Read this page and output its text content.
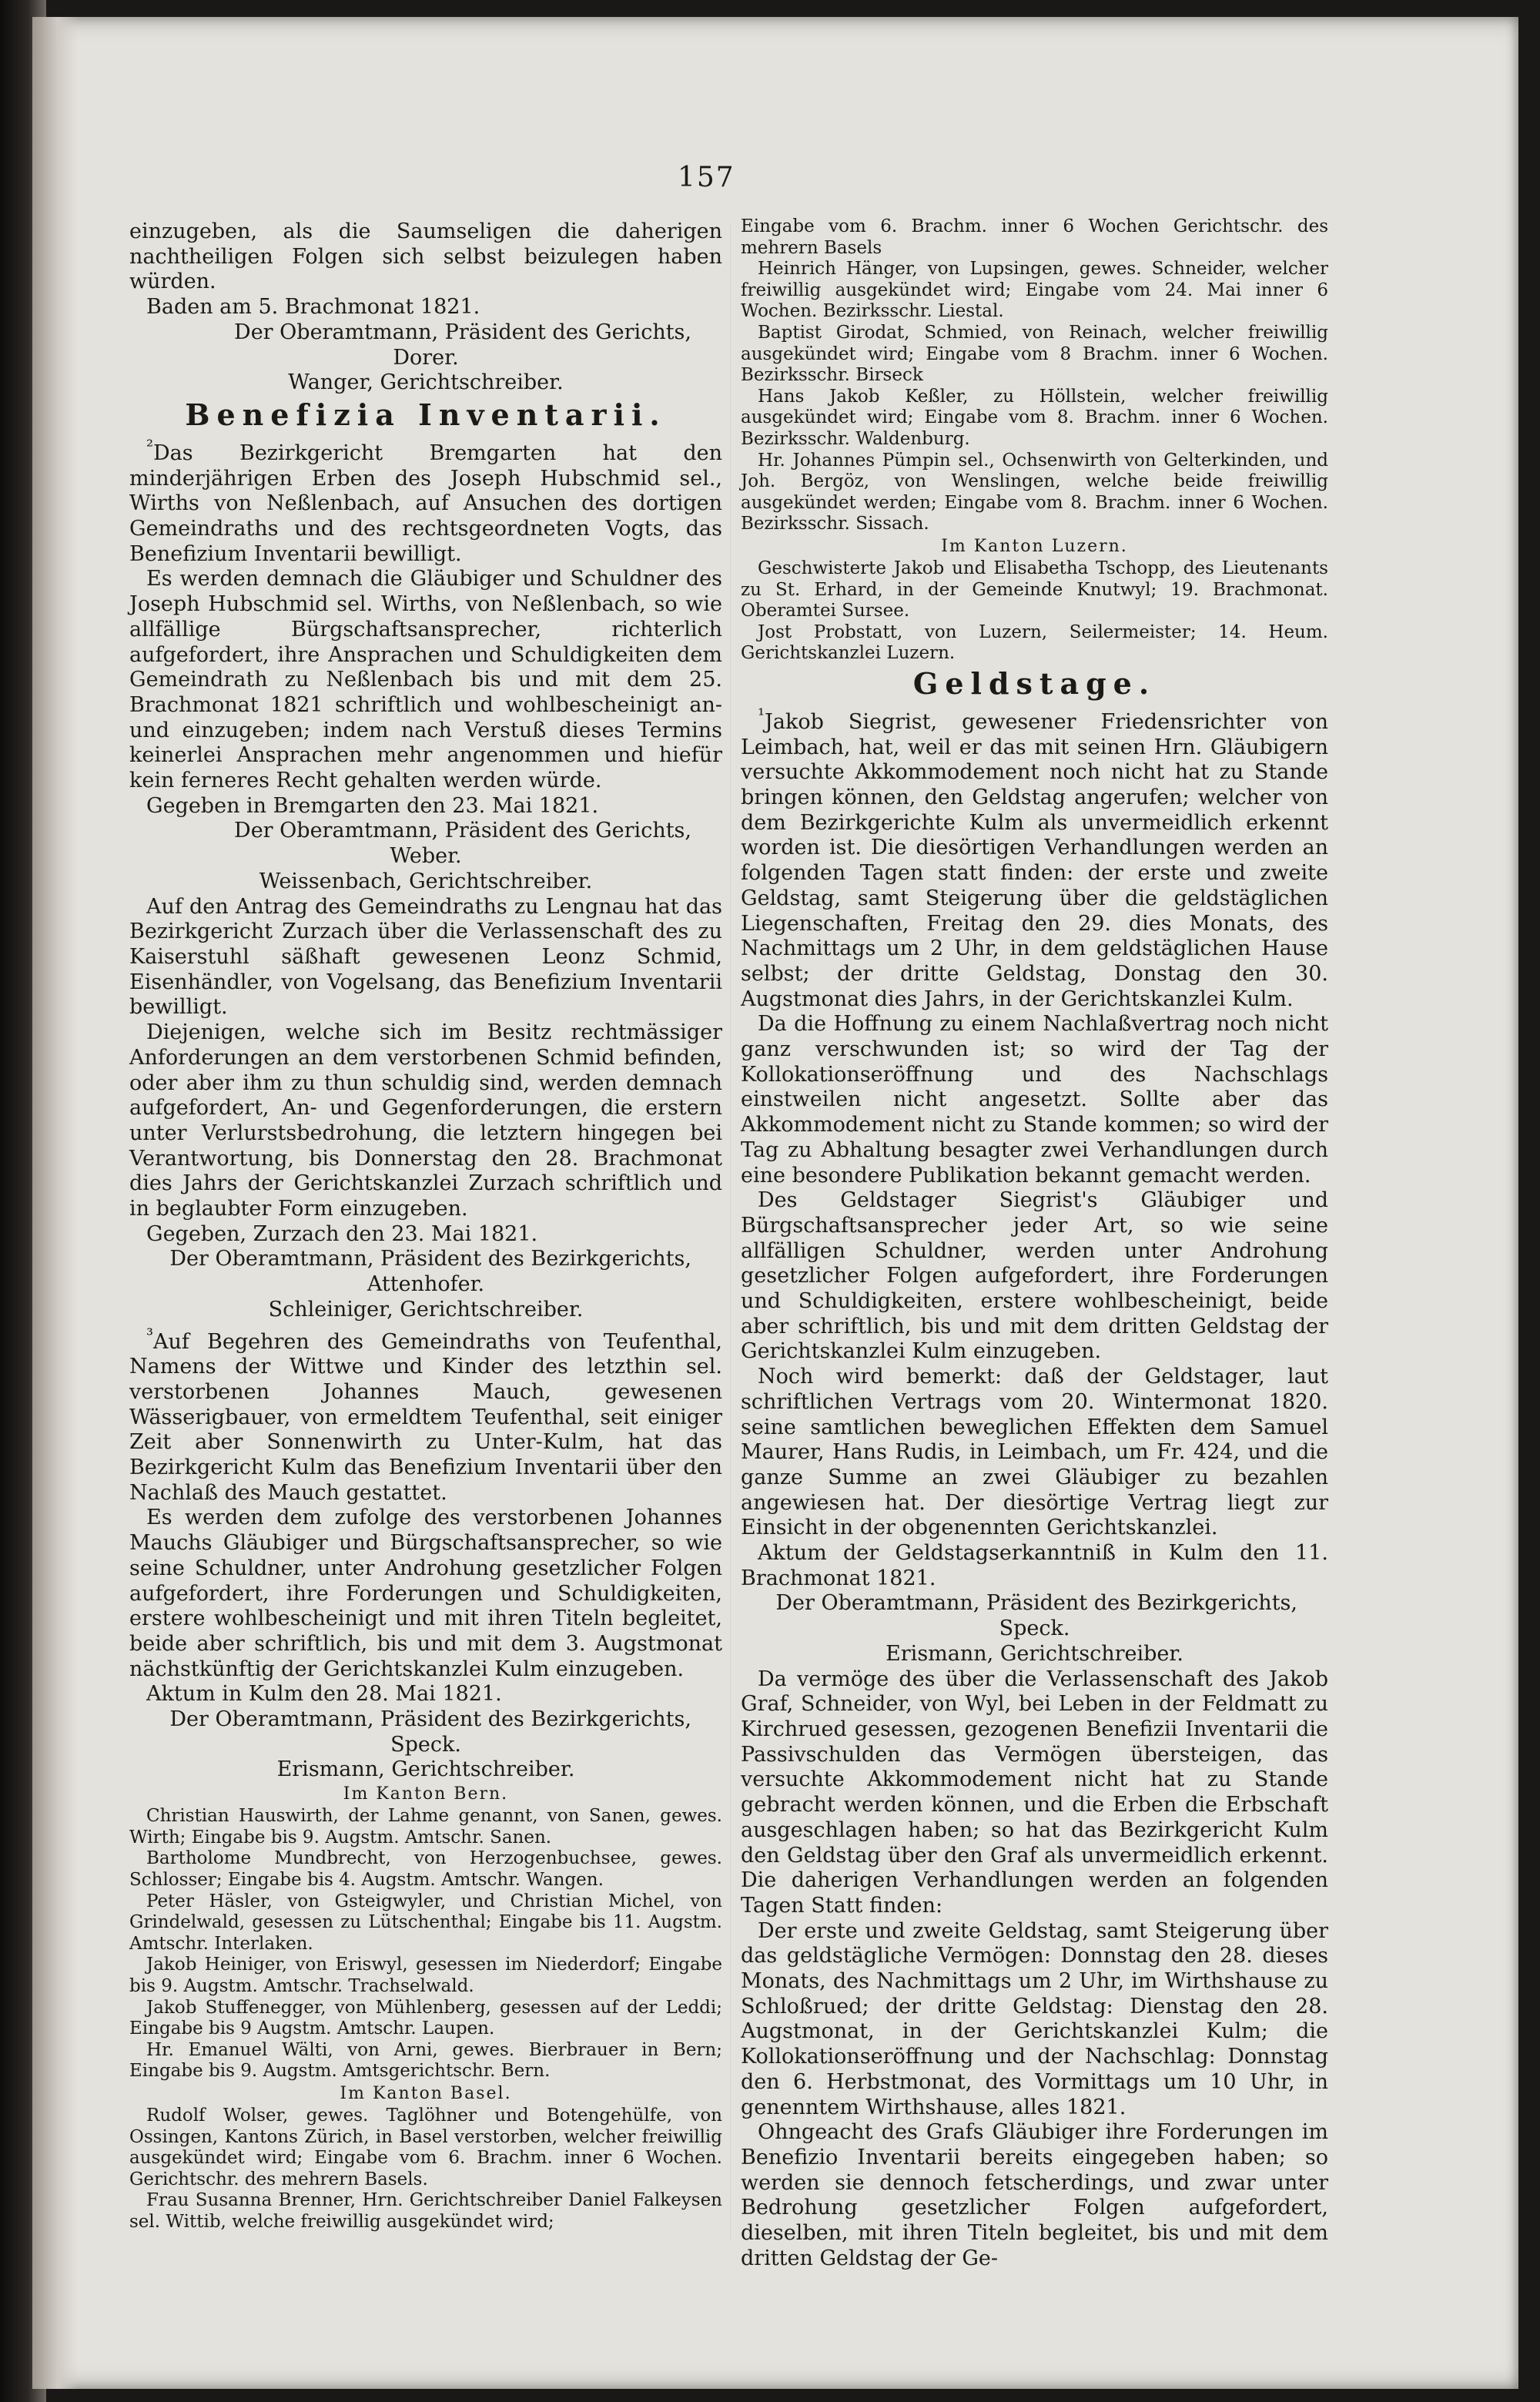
157

einzugeben, als die Saumseligen die daherigen nachtheiligen Folgen sich selbst beizulegen haben würden.

Baden am 5. Brachmonat 1821.

Der Oberamtmann, Präsident des Gerichts,

Dorer.

Wanger, Gerichtschreiber.

Benefizia Inventarii.

$^{^2}$Das Bezirkgericht Bremgarten hat den minderjährigen Erben des Joseph Hubschmid sel., Wirths von Neßlenbach, auf Ansuchen des dortigen Gemeindraths und des rechtsgeordneten Vogts, das Benefizium Inventarii bewilligt.

Es werden demnach die Gläubiger und Schuldner des Joseph Hubschmid sel. Wirths, von Neßlenbach, so wie allfällige Bürgschaftsansprecher, richterlich aufgefordert, ihre Ansprachen und Schuldigkeiten dem Gemeindrath zu Neßlenbach bis und mit dem 25. Brachmonat 1821 schriftlich und wohlbescheinigt an- und einzugeben; indem nach Verstuß dieses Termins keinerlei Ansprachen mehr angenommen und hiefür kein ferneres Recht gehalten werden würde.

Gegeben in Bremgarten den 23. Mai 1821.

Der Oberamtmann, Präsident des Gerichts,

Weber.

Weissenbach, Gerichtschreiber.

Auf den Antrag des Gemeindraths zu Lengnau hat das Bezirkgericht Zurzach über die Verlassenschaft des zu Kaiserstuhl säßhaft gewesenen Leonz Schmid, Eisenhändler, von Vogelsang, das Benefizium Inventarii bewilligt.

Diejenigen, welche sich im Besitz rechtmässiger Anforderungen an dem verstorbenen Schmid befinden, oder aber ihm zu thun schuldig sind, werden demnach aufgefordert, An- und Gegenforderungen, die erstern unter Verlurstsbedrohung, die letztern hingegen bei Verantwortung, bis Donnerstag den 28. Brachmonat dies Jahrs der Gerichtskanzlei Zurzach schriftlich und in beglaubter Form einzugeben.

Gegeben, Zurzach den 23. Mai 1821.

Der Oberamtmann, Präsident des Bezirkgerichts,

Attenhofer.

Schleiniger, Gerichtschreiber.

$^{^3}$Auf Begehren des Gemeindraths von Teufenthal, Namens der Wittwe und Kinder des letzthin sel. verstorbenen Johannes Mauch, gewesenen Wässerigbauer, von ermeldtem Teufenthal, seit einiger Zeit aber Sonnenwirth zu Unter-Kulm, hat das Bezirkgericht Kulm das Benefizium Inventarii über den Nachlaß des Mauch gestattet.

Es werden dem zufolge des verstorbenen Johannes Mauchs Gläubiger und Bürgschaftsansprecher, so wie seine Schuldner, unter Androhung gesetzlicher Folgen aufgefordert, ihre Forderungen und Schuldigkeiten, erstere wohlbescheinigt und mit ihren Titeln begleitet, beide aber schriftlich, bis und mit dem 3. Augstmonat nächstkünftig der Gerichtskanzlei Kulm einzugeben.

Aktum in Kulm den 28. Mai 1821.

Der Oberamtmann, Präsident des Bezirkgerichts,

Speck.

Erismann, Gerichtschreiber.

Im Kanton Bern.

Christian Hauswirth, der Lahme genannt, von Sanen, gewes. Wirth; Eingabe bis 9. Augstm. Amtschr. Sanen.

Bartholome Mundbrecht, von Herzogenbuchsee, gewes. Schlosser; Eingabe bis 4. Augstm. Amtschr. Wangen.

Peter Häsler, von Gsteigwyler, und Christian Michel, von Grindelwald, gesessen zu Lütschenthal; Eingabe bis 11. Augstm. Amtschr. Interlaken.

Jakob Heiniger, von Eriswyl, gesessen im Niederdorf; Eingabe bis 9. Augstm. Amtschr. Trachselwald.

Jakob Stuffenegger, von Mühlenberg, gesessen auf der Leddi; Eingabe bis 9 Augstm. Amtschr. Laupen.

Hr. Emanuel Wälti, von Arni, gewes. Bierbrauer in Bern; Eingabe bis 9. Augstm. Amtsgerichtschr. Bern.

Im Kanton Basel.

Rudolf Wolser, gewes. Taglöhner und Botengehülfe, von Ossingen, Kantons Zürich, in Basel verstorben, welcher freiwillig ausgekündet wird; Eingabe vom 6. Brachm. inner 6 Wochen. Gerichtschr. des mehrern Basels.

Frau Susanna Brenner, Hrn. Gerichtschreiber Daniel Falkeysen sel. Wittib, welche freiwillig ausgekündet wird;

Eingabe vom 6. Brachm. inner 6 Wochen Gerichtschr. des mehrern Basels

Heinrich Hänger, von Lupsingen, gewes. Schneider, welcher freiwillig ausgekündet wird; Eingabe vom 24. Mai inner 6 Wochen. Bezirksschr. Liestal.

Baptist Girodat, Schmied, von Reinach, welcher freiwillig ausgekündet wird; Eingabe vom 8 Brachm. inner 6 Wochen. Bezirksschr. Birseck

Hans Jakob Keßler, zu Höllstein, welcher freiwillig ausgekündet wird; Eingabe vom 8. Brachm. inner 6 Wochen. Bezirksschr. Waldenburg.

Hr. Johannes Pümpin sel., Ochsenwirth von Gelterkinden, und Joh. Bergöz, von Wenslingen, welche beide freiwillig ausgekündet werden; Eingabe vom 8. Brachm. inner 6 Wochen. Bezirksschr. Sissach.

Im Kanton Luzern.

Geschwisterte Jakob und Elisabetha Tschopp, des Lieutenants zu St. Erhard, in der Gemeinde Knutwyl; 19. Brachmonat. Oberamtei Sursee.

Jost Probstatt, von Luzern, Seilermeister; 14. Heum. Gerichtskanzlei Luzern.

Geldstage.

$^{^1}$Jakob Siegrist, gewesener Friedensrichter von Leimbach, hat, weil er das mit seinen Hrn. Gläubigern versuchte Akkommodement noch nicht hat zu Stande bringen können, den Geldstag angerufen; welcher von dem Bezirkgerichte Kulm als unvermeidlich erkennt worden ist. Die diesörtigen Verhandlungen werden an folgenden Tagen statt finden: der erste und zweite Geldstag, samt Steigerung über die geldstäglichen Liegenschaften, Freitag den 29. dies Monats, des Nachmittags um 2 Uhr, in dem geldstäglichen Hause selbst; der dritte Geldstag, Donstag den 30. Augstmonat dies Jahrs, in der Gerichtskanzlei Kulm.

Da die Hoffnung zu einem Nachlaßvertrag noch nicht ganz verschwunden ist; so wird der Tag der Kollokationseröffnung und des Nachschlags einstweilen nicht angesetzt. Sollte aber das Akkommodement nicht zu Stande kommen; so wird der Tag zu Abhaltung besagter zwei Verhandlungen durch eine besondere Publikation bekannt gemacht werden.

Des Geldstager Siegrist's Gläubiger und Bürgschaftsansprecher jeder Art, so wie seine allfälligen Schuldner, werden unter Androhung gesetzlicher Folgen aufgefordert, ihre Forderungen und Schuldigkeiten, erstere wohlbescheinigt, beide aber schriftlich, bis und mit dem dritten Geldstag der Gerichtskanzlei Kulm einzugeben.

Noch wird bemerkt: daß der Geldstager, laut schriftlichen Vertrags vom 20. Wintermonat 1820. seine samtlichen beweglichen Effekten dem Samuel Maurer, Hans Rudis, in Leimbach, um Fr. 424, und die ganze Summe an zwei Gläubiger zu bezahlen angewiesen hat. Der diesörtige Vertrag liegt zur Einsicht in der obgenennten Gerichtskanzlei.

Aktum der Geldstagserkanntniß in Kulm den 11. Brachmonat 1821.

Der Oberamtmann, Präsident des Bezirkgerichts,

Speck.

Erismann, Gerichtschreiber.

Da vermöge des über die Verlassenschaft des Jakob Graf, Schneider, von Wyl, bei Leben in der Feldmatt zu Kirchrued gesessen, gezogenen Benefizii Inventarii die Passivschulden das Vermögen übersteigen, das versuchte Akkommodement nicht hat zu Stande gebracht werden können, und die Erben die Erbschaft ausgeschlagen haben; so hat das Bezirkgericht Kulm den Geldstag über den Graf als unvermeidlich erkennt. Die daherigen Verhandlungen werden an folgenden Tagen Statt finden:

Der erste und zweite Geldstag, samt Steigerung über das geldstägliche Vermögen: Donnstag den 28. dieses Monats, des Nachmittags um 2 Uhr, im Wirthshause zu Schloßrued; der dritte Geldstag: Dienstag den 28. Augstmonat, in der Gerichtskanzlei Kulm; die Kollokationseröffnung und der Nachschlag: Donnstag den 6. Herbstmonat, des Vormittags um 10 Uhr, in genenntem Wirthshause, alles 1821.

Ohngeacht des Grafs Gläubiger ihre Forderungen im Benefizio Inventarii bereits eingegeben haben; so werden sie dennoch fetscherdings, und zwar unter Bedrohung gesetzlicher Folgen aufgefordert, dieselben, mit ihren Titeln begleitet, bis und mit dem dritten Geldstag der Ge-
